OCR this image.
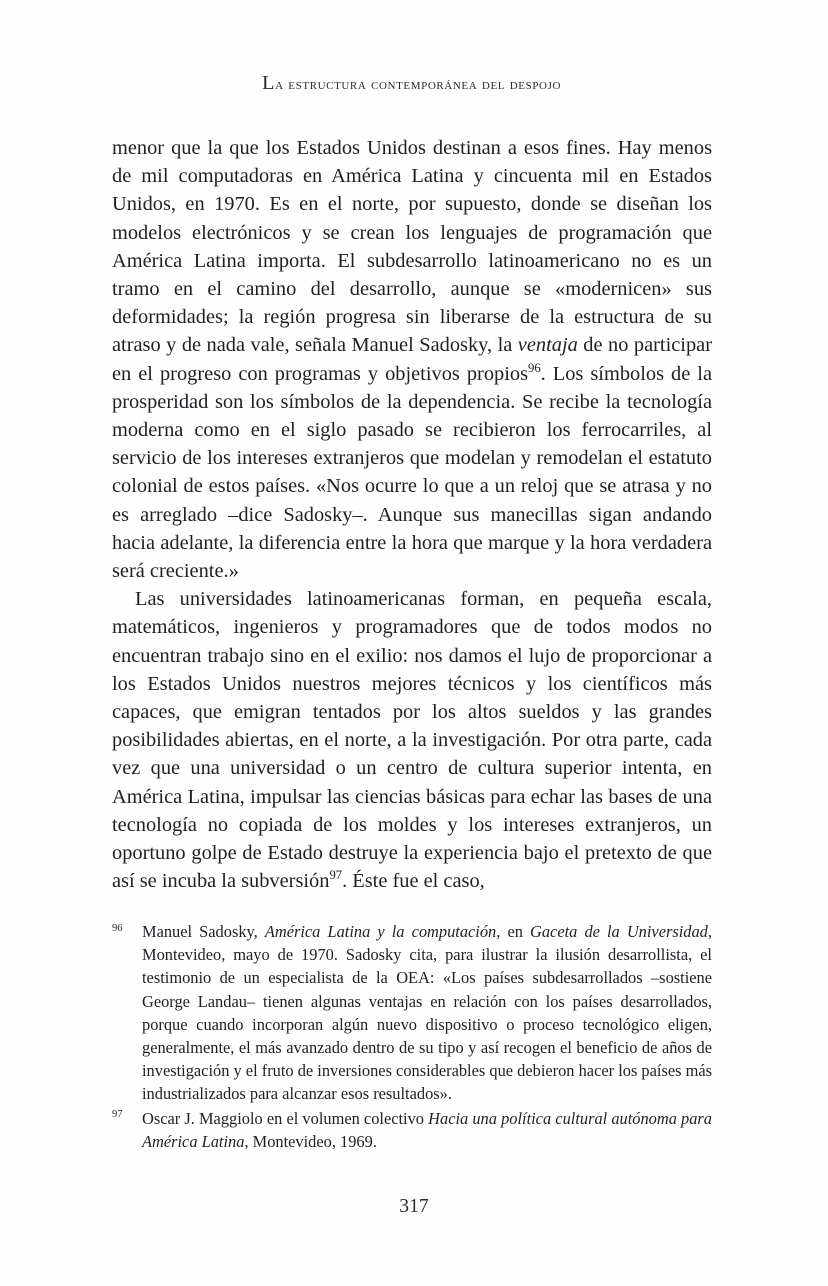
La estructura contemporánea del despojo

menor que la que los Estados Unidos destinan a esos fines. Hay menos de mil computadoras en América Latina y cincuenta mil en Estados Unidos, en 1970. Es en el norte, por supuesto, donde se diseñan los modelos electrónicos y se crean los lenguajes de programación que América Latina importa. El subdesarrollo latinoamericano no es un tramo en el camino del desarrollo, aunque se «modernicen» sus deformidades; la región progresa sin liberarse de la estructura de su atraso y de nada vale, señala Manuel Sadosky, la ventaja de no participar en el progreso con programas y objetivos propios$^{96}$. Los símbolos de la prosperidad son los símbolos de la dependencia. Se recibe la tecnología moderna como en el siglo pasado se recibieron los ferrocarriles, al servicio de los intereses extranjeros que modelan y remodelan el estatuto colonial de estos países. «Nos ocurre lo que a un reloj que se atrasa y no es arreglado –dice Sadosky–. Aunque sus manecillas sigan andando hacia adelante, la diferencia entre la hora que marque y la hora verdadera será creciente.»

Las universidades latinoamericanas forman, en pequeña escala, matemáticos, ingenieros y programadores que de todos modos no encuentran trabajo sino en el exilio: nos damos el lujo de proporcionar a los Estados Unidos nuestros mejores técnicos y los científicos más capaces, que emigran tentados por los altos sueldos y las grandes posibilidades abiertas, en el norte, a la investigación. Por otra parte, cada vez que una universidad o un centro de cultura superior intenta, en América Latina, impulsar las ciencias básicas para echar las bases de una tecnología no copiada de los moldes y los intereses extranjeros, un oportuno golpe de Estado destruye la experiencia bajo el pretexto de que así se incuba la subversión$^{97}$. Éste fue el caso,

96 Manuel Sadosky, América Latina y la computación, en Gaceta de la Universidad, Montevideo, mayo de 1970. Sadosky cita, para ilustrar la ilusión desarrollista, el testimonio de un especialista de la OEA: «Los países subdesarrollados –sostiene George Landau– tienen algunas ventajas en relación con los países desarrollados, porque cuando incorporan algún nuevo dispositivo o proceso tecnológico eligen, generalmente, el más avanzado dentro de su tipo y así recogen el beneficio de años de investigación y el fruto de inversiones considerables que debieron hacer los países más industrializados para alcanzar esos resultados».
97 Oscar J. Maggiolo en el volumen colectivo Hacia una política cultural autónoma para América Latina, Montevideo, 1969.
317
